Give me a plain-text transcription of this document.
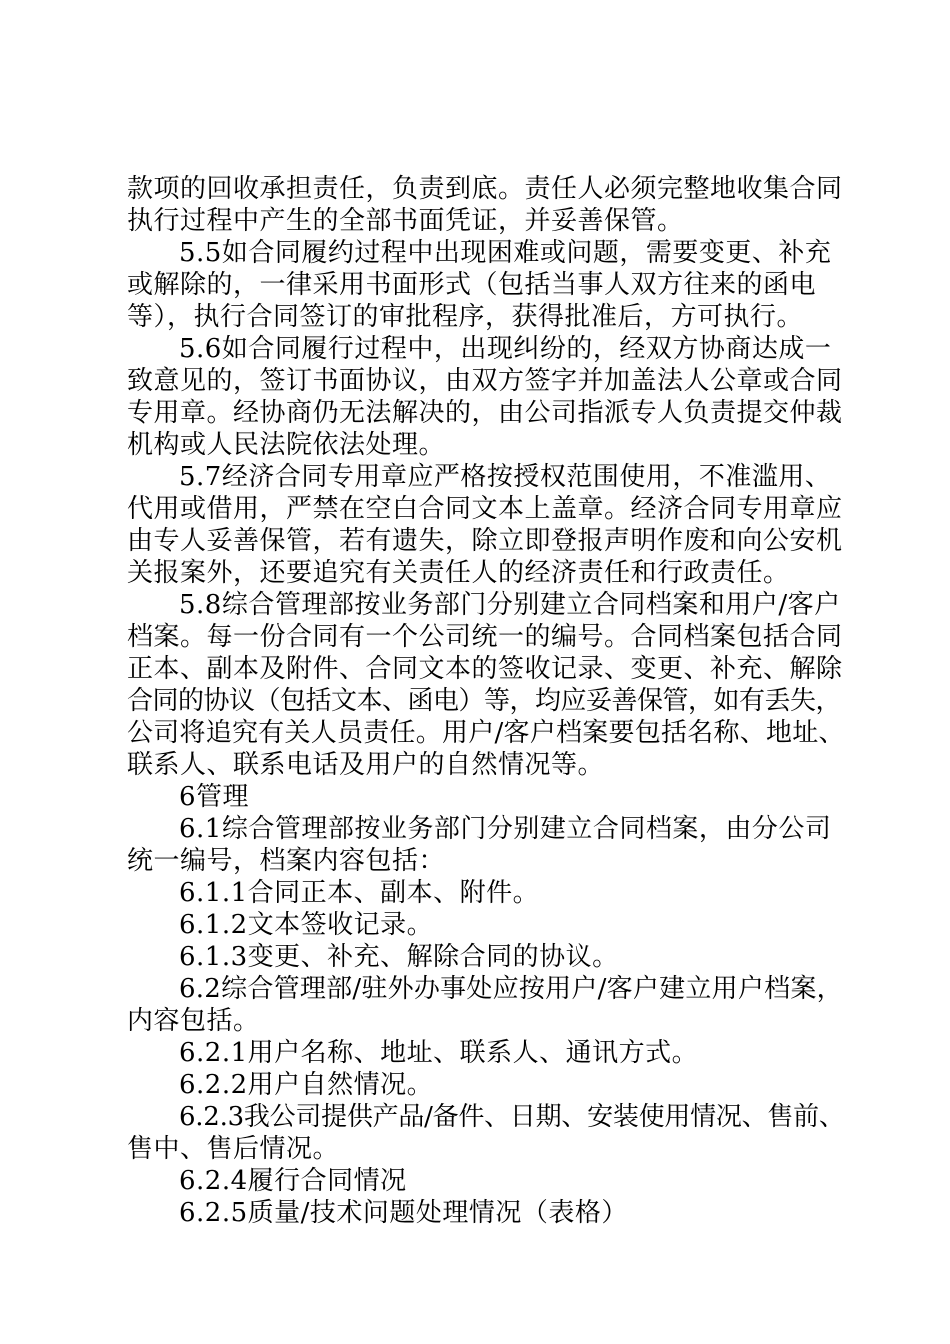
款项的回收承担责任，负责到底。责任人必须完整地收集合同
执行过程中产生的全部书面凭证，并妥善保管。
5.5如合同履约过程中出现困难或问题，需要变更、补充
或解除的，一律采用书面形式（包括当事人双方往来的函电
等），执行合同签订的审批程序，获得批准后，方可执行。
5.6如合同履行过程中，出现纠纷的，经双方协商达成一
致意见的，签订书面协议，由双方签字并加盖法人公章或合同
专用章。经协商仍无法解决的，由公司指派专人负责提交仲裁
机构或人民法院依法处理。
5.7经济合同专用章应严格按授权范围使用，不准滥用、
代用或借用，严禁在空白合同文本上盖章。经济合同专用章应
由专人妥善保管，若有遗失，除立即登报声明作废和向公安机
关报案外，还要追究有关责任人的经济责任和行政责任。
5.8综合管理部按业务部门分别建立合同档案和用户/客户
档案。每一份合同有一个公司统一的编号。合同档案包括合同
正本、副本及附件、合同文本的签收记录、变更、补充、解除
合同的协议（包括文本、函电）等，均应妥善保管，如有丢失，
公司将追究有关人员责任。用户/客户档案要包括名称、地址、
联系人、联系电话及用户的自然情况等。
6管理
6.1综合管理部按业务部门分别建立合同档案，由分公司
统一编号，档案内容包括：
6.1.1合同正本、副本、附件。
6.1.2文本签收记录。
6.1.3变更、补充、解除合同的协议。
6.2综合管理部/驻外办事处应按用户/客户建立用户档案，
内容包括。
6.2.1用户名称、地址、联系人、通讯方式。
6.2.2用户自然情况。
6.2.3我公司提供产品/备件、日期、安装使用情况、售前、
售中、售后情况。
6.2.4履行合同情况
6.2.5质量/技术问题处理情况（表格）
